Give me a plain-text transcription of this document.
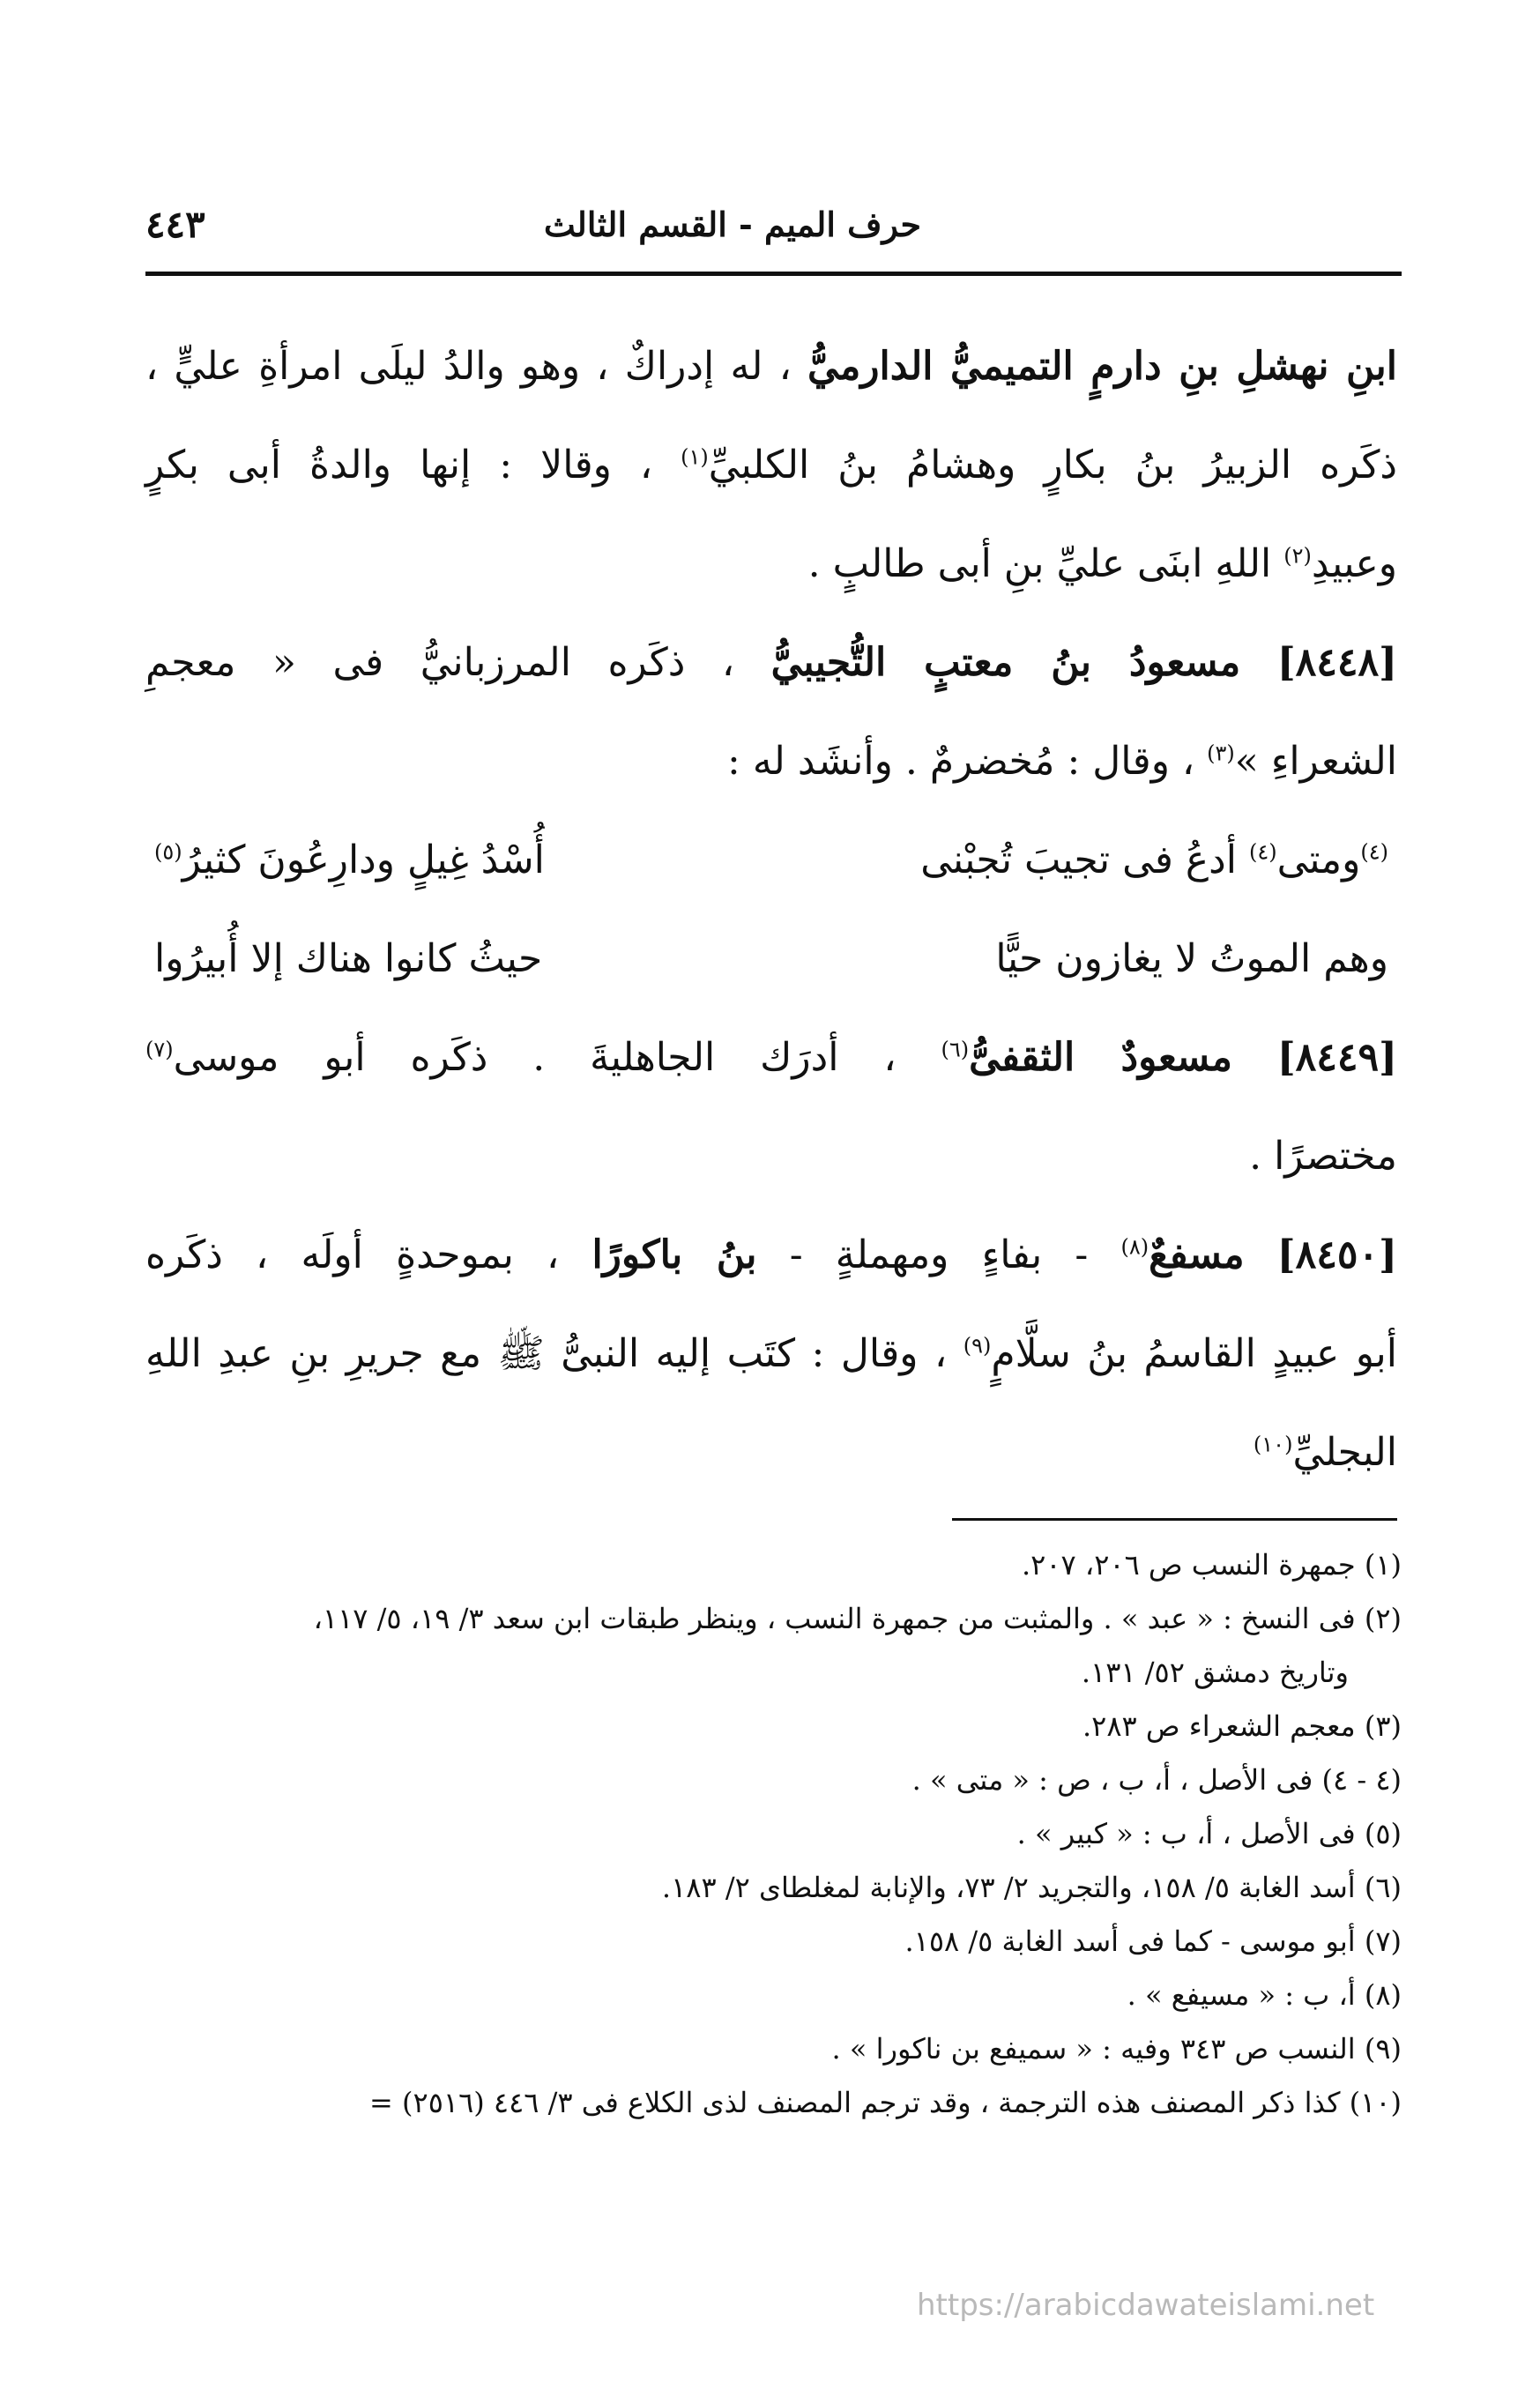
حرف الميم - القسم الثالث
٤٤٣
ابنِ نهشلِ بنِ دارمٍ التميميُّ الدارميُّ ، له إدراكٌ ، وهو والدُ ليلَى امرأةِ عليٍّ ،
ذكَره الزبيرُ بنُ بكارٍ وهشامُ بنُ الكلبيِّ$^{(١)}$ ، وقالا : إنها والدةُ أبى بكرٍ
وعبيدِ$^{(٢)}$ اللهِ ابنَى عليِّ بنِ أبى طالبٍ .
[٨٤٤٨] مسعودُ بنُ معتبٍ التُّجيبيُّ ، ذكَره المرزبانيُّ فى « معجمِ
الشعراءِ »$^{(٣)}$ ، وقال : مُخضرمٌ . وأنشَد له :
$^{(٤)}$ومتى$^{(٤)}$ أدعُ فى تجيبَ تُجبْنى
أُسْدُ غِيلٍ ودارِعُونَ كثيرُ$^{(٥)}$
وهم الموتُ لا يغازون حيًّا
حيثُ كانوا هناك إلا أُبيرُوا
[٨٤٤٩] مسعودٌ الثقفىُّ$^{(٦)}$ ، أدرَك الجاهليةَ . ذكَره أبو موسى$^{(٧)}$
مختصرًا .
[٨٤٥٠] مسفعٌ$^{(٨)}$ - بفاءٍ ومهملةٍ - بنُ باكورًا ، بموحدةٍ أولَه ، ذكَره
أبو عبيدٍ القاسمُ بنُ سلَّامٍ$^{(٩)}$ ، وقال : كتَب إليه النبىُّ ﷺ مع جريرِ بنِ عبدِ اللهِ
البجليِّ$^{(١٠)}$
(١) جمهرة النسب ص ٢٠٦، ٢٠٧.
(٢) فى النسخ : « عبد » . والمثبت من جمهرة النسب ، وينظر طبقات ابن سعد ٣/ ١٩، ٥/ ١١٧،
وتاريخ دمشق ٥٢/ ١٣١.
(٣) معجم الشعراء ص ٢٨٣.
(٤ - ٤) فى الأصل ، أ، ب ، ص : « متى » .
(٥) فى الأصل ، أ، ب : « كبير » .
(٦) أسد الغابة ٥/ ١٥٨، والتجريد ٢/ ٧٣، والإنابة لمغلطاى ٢/ ١٨٣.
(٧) أبو موسى - كما فى أسد الغابة ٥/ ١٥٨.
(٨) أ، ب : « مسيفع » .
(٩) النسب ص ٣٤٣ وفيه : « سميفع بن ناكورا » .
(١٠) كذا ذكر المصنف هذه الترجمة ، وقد ترجم المصنف لذى الكلاع فى ٣/ ٤٤٦ (٢٥١٦) =
https://arabicdawateislami.net
